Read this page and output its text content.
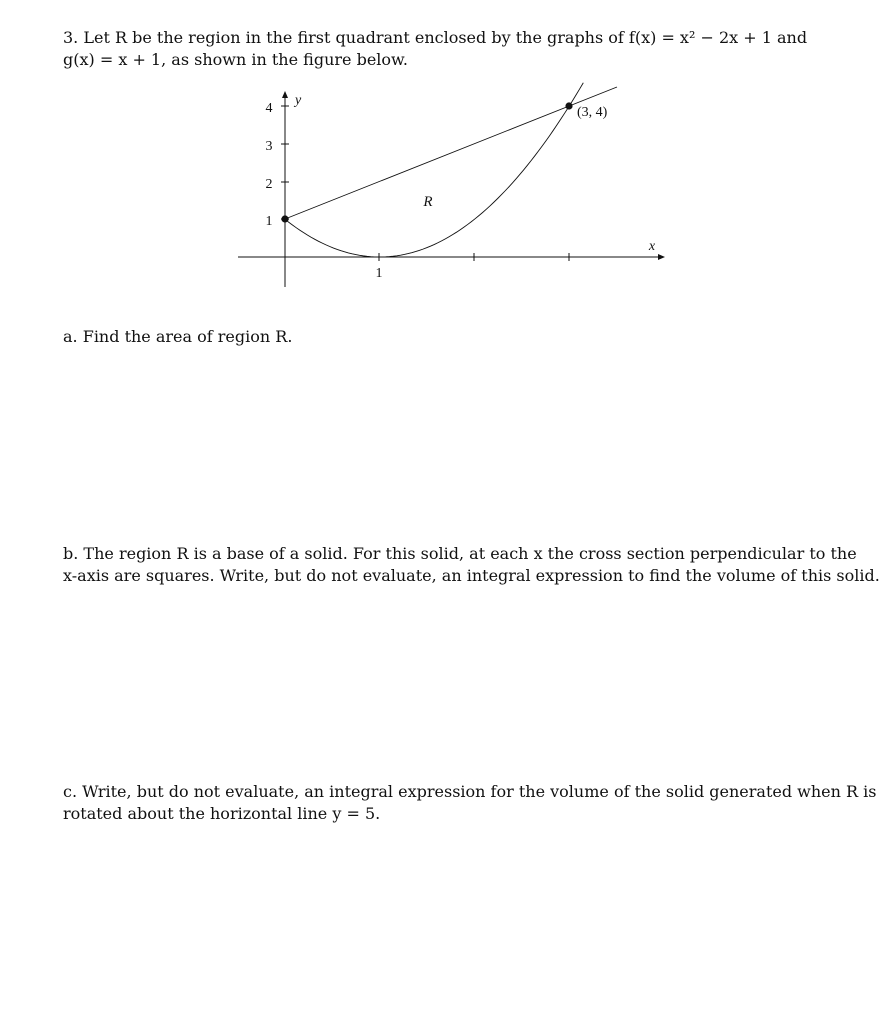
3. Let R be the region in the first quadrant enclosed by the graphs of f(x) = x² − 2x + 1 and
g(x) = x + 1, as shown in the figure below.
1
2
3
4
1
y
x
(3, 4)
R

a. Find the area of region R.

b. The region R is a base of a solid. For this solid, at each x the cross section perpendicular to the
x-axis are squares. Write, but do not evaluate, an integral expression to find the volume of this solid.
c. Write, but do not evaluate, an integral expression for the volume of the solid generated when R is
rotated about the horizontal line y = 5.
